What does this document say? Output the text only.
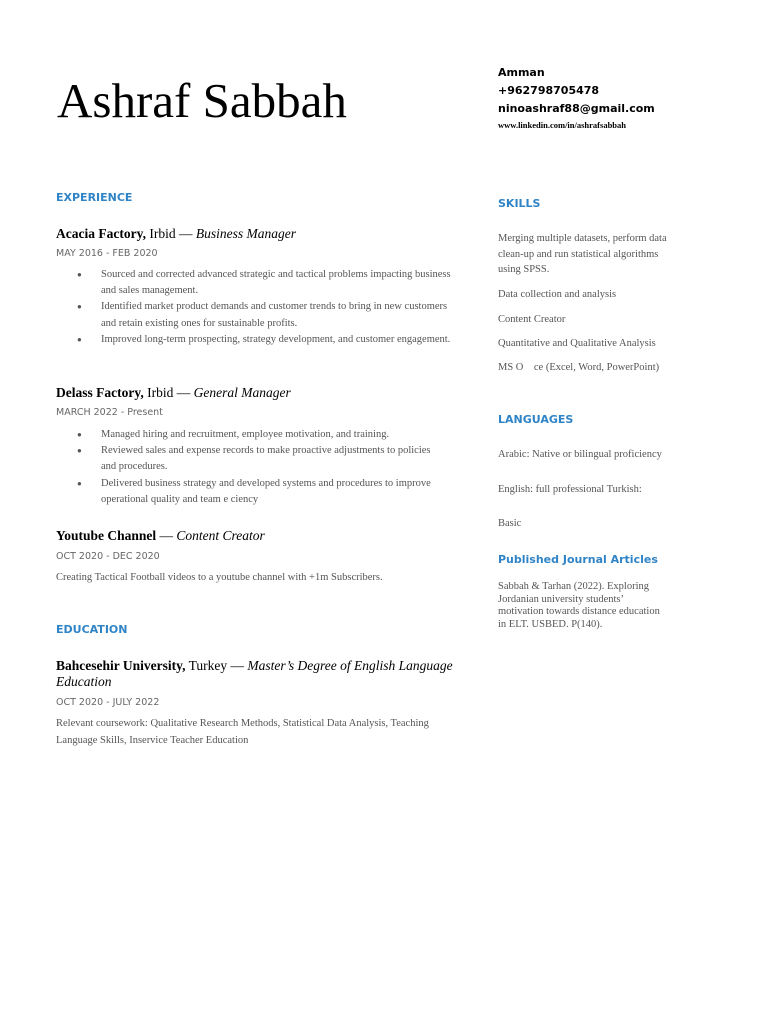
Ashraf Sabbah
Amman
+962798705478
ninoashraf88@gmail.com
www.linkedin.com/in/ashrafsabbah
EXPERIENCE
Acacia Factory, Irbid — Business Manager
MAY 2016 - FEB 2020
● Sourced and corrected advanced strategic and tactical problems impacting business and sales management.
● Identified market product demands and customer trends to bring in new customers and retain existing ones for sustainable profits.
● Improved long-term prospecting, strategy development, and customer engagement.
Delass Factory, Irbid — General Manager
MARCH 2022 - Present
● Managed hiring and recruitment, employee motivation, and training.
● Reviewed sales and expense records to make proactive adjustments to policies and procedures.
● Delivered business strategy and developed systems and procedures to improve operational quality and team e ciency
Youtube Channel — Content Creator
OCT 2020 - DEC 2020
Creating Tactical Football videos to a youtube channel with +1m Subscribers.
EDUCATION
Bahcesehir University, Turkey — Master’s Degree of English Language Education
OCT 2020 - JULY 2022
Relevant coursework: Qualitative Research Methods, Statistical Data Analysis, Teaching Language Skills, Inservice Teacher Education
SKILLS
Merging multiple datasets, perform data clean-up and run statistical algorithms using SPSS.
Data collection and analysis
Content Creator
Quantitative and Qualitative Analysis
MS O    ce (Excel, Word, PowerPoint)
LANGUAGES
Arabic: Native or bilingual proficiency
English: full professional Turkish:
Basic
Published Journal Articles
Sabbah & Tarhan (2022). Exploring Jordanian university students’ motivation towards distance education in ELT. USBED. P(140).
